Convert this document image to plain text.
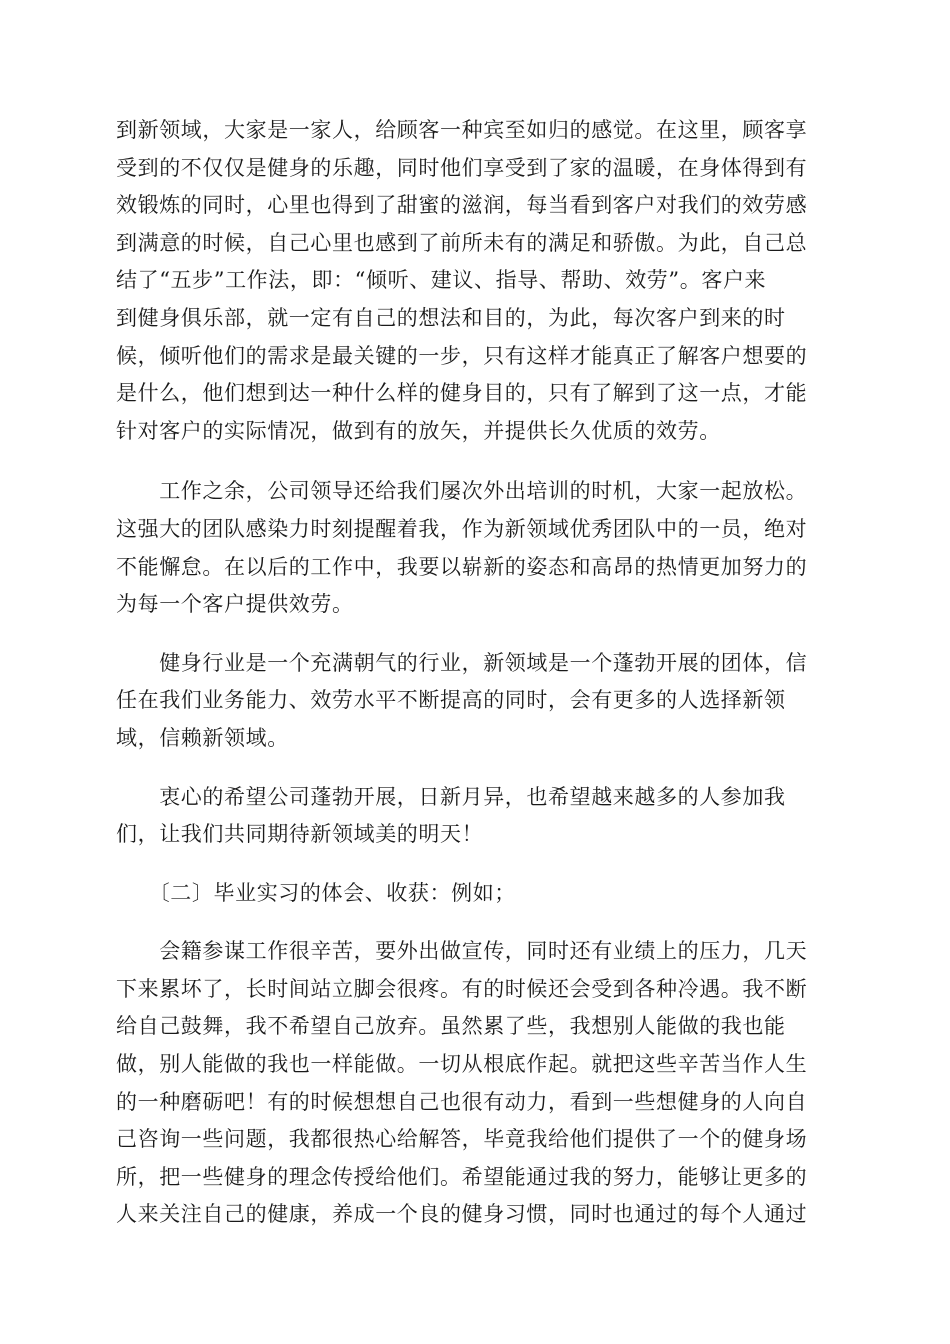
到新领域，大家是一家人，给顾客一种宾至如归的感觉。在这里，顾客享
受到的不仅仅是健身的乐趣，同时他们享受到了家的温暖，在身体得到有
效锻炼的同时，心里也得到了甜蜜的滋润，每当看到客户对我们的效劳感
到满意的时候，自己心里也感到了前所未有的满足和骄傲。为此，自己总
结了“五步”工作法，即：“倾听、建议、指导、帮助、效劳”。客户来
到健身俱乐部，就一定有自己的想法和目的，为此，每次客户到来的时
候，倾听他们的需求是最关键的一步，只有这样才能真正了解客户想要的
是什么，他们想到达一种什么样的健身目的，只有了解到了这一点，才能
针对客户的实际情况，做到有的放矢，并提供长久优质的效劳。
　　工作之余，公司领导还给我们屡次外出培训的时机，大家一起放松。
这强大的团队感染力时刻提醒着我，作为新领域优秀团队中的一员，绝对
不能懈怠。在以后的工作中，我要以崭新的姿态和高昂的热情更加努力的
为每一个客户提供效劳。
　　健身行业是一个充满朝气的行业，新领域是一个蓬勃开展的团体，信
任在我们业务能力、效劳水平不断提高的同时，会有更多的人选择新领
域，信赖新领域。
　　衷心的希望公司蓬勃开展，日新月异，也希望越来越多的人参加我
们，让我们共同期待新领域美的明天！
　　〔二〕毕业实习的体会、收获：例如；
　　会籍参谋工作很辛苦，要外出做宣传，同时还有业绩上的压力，几天
下来累坏了，长时间站立脚会很疼。有的时候还会受到各种冷遇。我不断
给自己鼓舞，我不希望自己放弃。虽然累了些，我想别人能做的我也能
做，别人能做的我也一样能做。一切从根底作起。就把这些辛苦当作人生
的一种磨砺吧！有的时候想想自己也很有动力，看到一些想健身的人向自
己咨询一些问题，我都很热心给解答，毕竟我给他们提供了一个的健身场
所，把一些健身的理念传授给他们。希望能通过我的努力，能够让更多的
人来关注自己的健康，养成一个良的健身习惯，同时也通过的每个人通过
